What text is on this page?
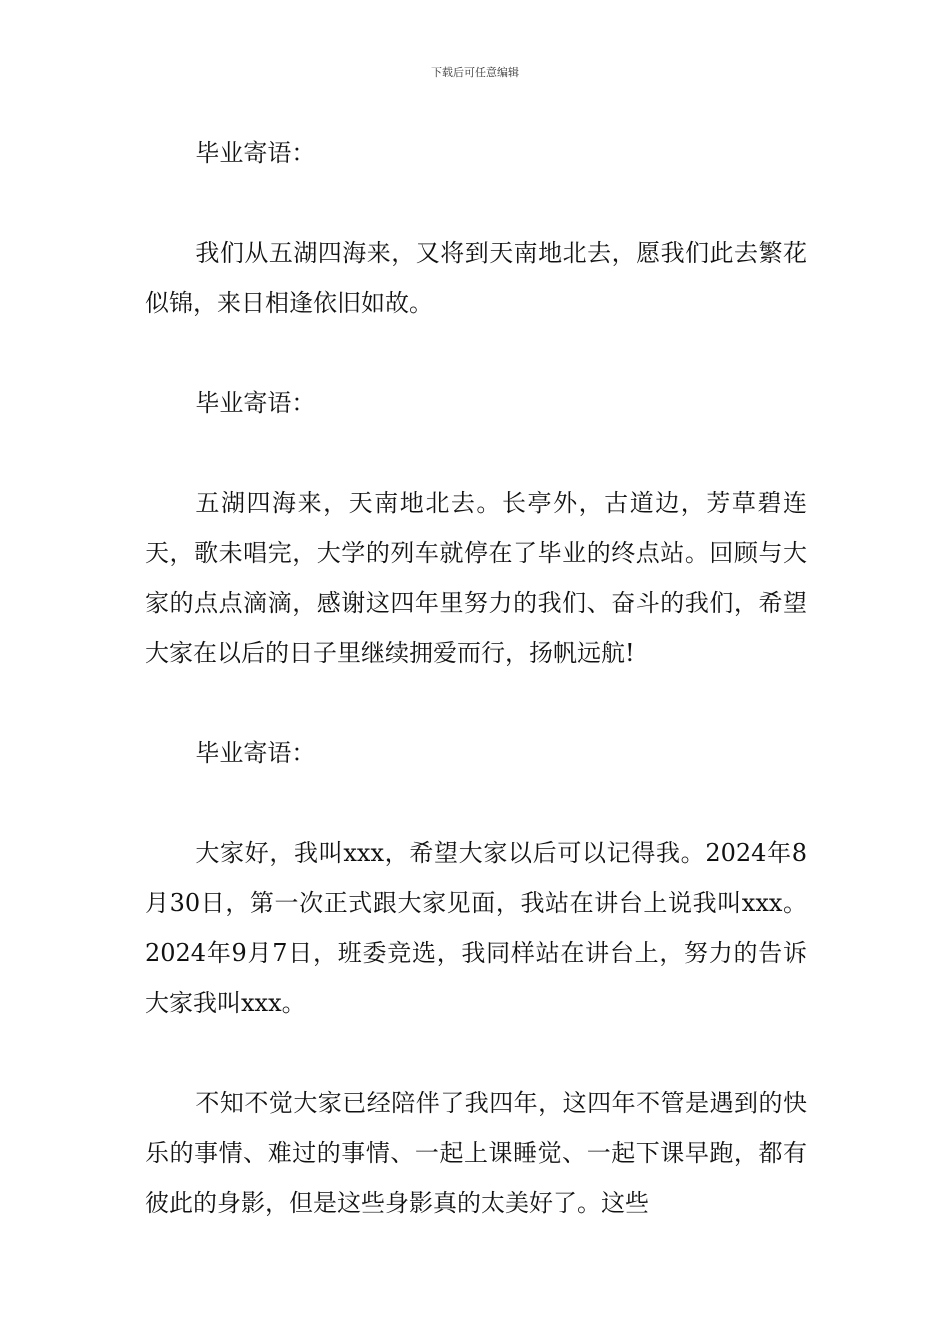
下载后可任意编辑

毕业寄语：

我们从五湖四海来，又将到天南地北去，愿我们此去繁花似锦，来日相逢依旧如故。

毕业寄语：

五湖四海来，天南地北去。长亭外，古道边，芳草碧连天，歌未唱完，大学的列车就停在了毕业的终点站。回顾与大家的点点滴滴，感谢这四年里努力的我们、奋斗的我们，希望大家在以后的日子里继续拥爱而行，扬帆远航!

毕业寄语：

大家好，我叫xxx，希望大家以后可以记得我。2024年8月30日，第一次正式跟大家见面，我站在讲台上说我叫xxx。2024年9月7日，班委竞选，我同样站在讲台上，努力的告诉大家我叫xxx。

不知不觉大家已经陪伴了我四年，这四年不管是遇到的快乐的事情、难过的事情、一起上课睡觉、一起下课早跑，都有彼此的身影，但是这些身影真的太美好了。这些
